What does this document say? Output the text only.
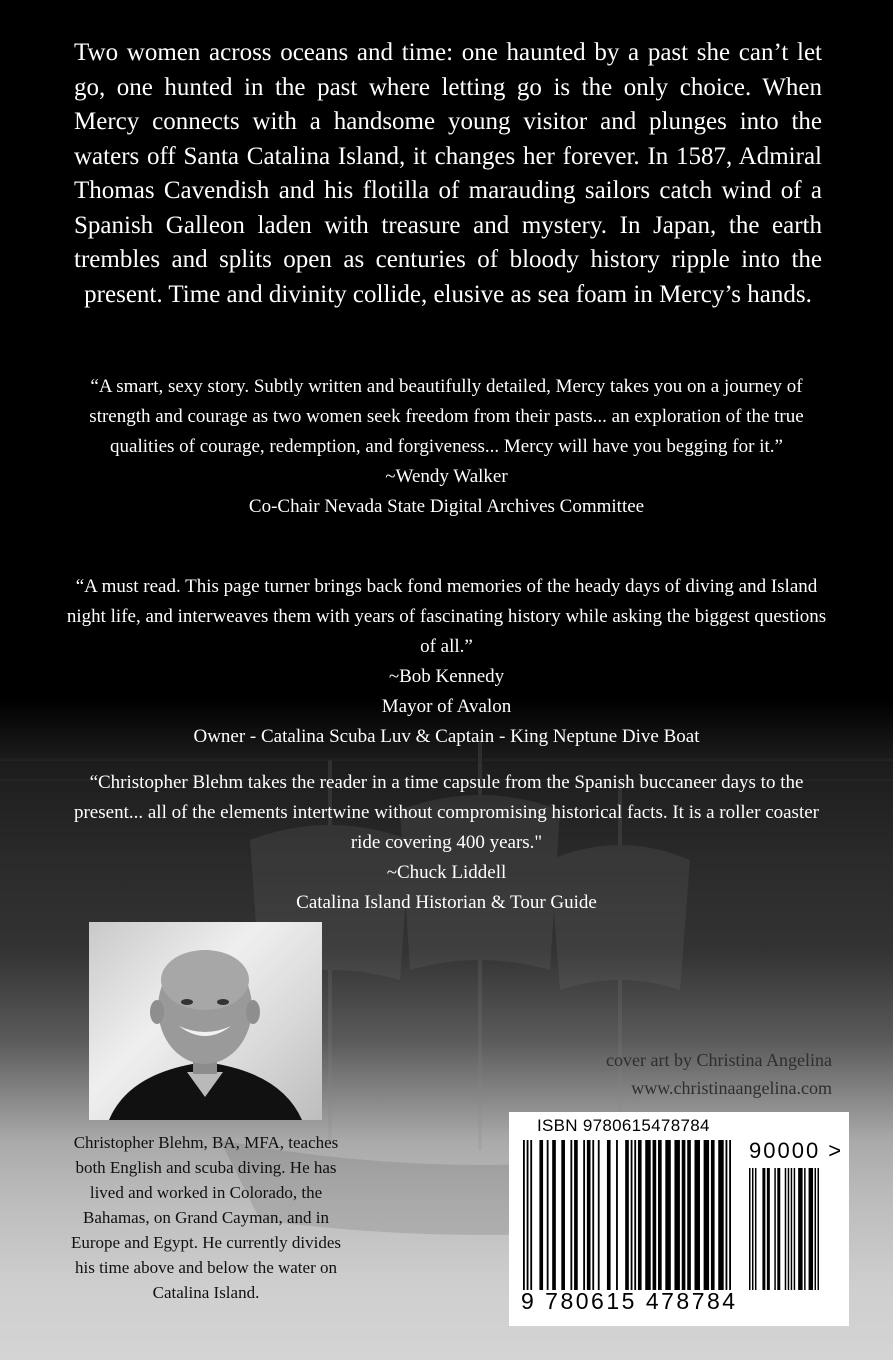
Two women across oceans and time: one haunted by a past she can’t let go, one hunted in the past where letting go is the only choice. When Mercy connects with a handsome young visitor and plunges into the waters off Santa Catalina Island, it changes her forever. In 1587, Admiral Thomas Cavendish and his flotilla of marauding sailors catch wind of a Spanish Galleon laden with treasure and mystery. In Japan, the earth trembles and splits open as centuries of bloody history ripple into the present. Time and divinity collide, elusive as sea foam in Mercy’s hands.

“A smart, sexy story. Subtly written and beautifully detailed, Mercy takes you on a journey of strength and courage as two women seek freedom from their pasts... an exploration of the true qualities of courage, redemption, and forgiveness... Mercy will have you begging for it.”
~Wendy Walker
Co-Chair Nevada State Digital Archives Committee
“A must read. This page turner brings back fond memories of the heady days of diving and Island night life, and interweaves them with years of fascinating history while asking the biggest questions of all.”
~Bob Kennedy
Mayor of Avalon
Owner - Catalina Scuba Luv & Captain - King Neptune Dive Boat
“Christopher Blehm takes the reader in a time capsule from the Spanish buccaneer days to the present... all of the elements intertwine without compromising historical facts. It is a roller coaster ride covering 400 years."
~Chuck Liddell
Catalina Island Historian & Tour Guide

Christopher Blehm, BA, MFA, teaches both English and scuba diving. He has lived and worked in Colorado, the Bahamas, on Grand Cayman, and in Europe and Egypt. He currently divides his time above and below the water on Catalina Island.

cover art by Christina Angelina
www.christinaangelina.com
ISBN 9780615478784
90000 >
9 780615 478784
